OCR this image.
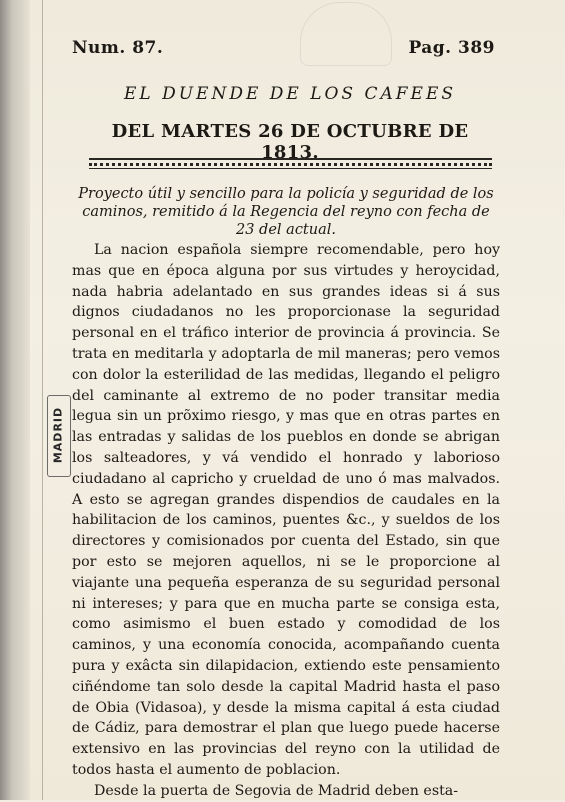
MADRID
Num. 87.	Pag. 389
EL DUENDE DE LOS CAFEES
DEL MARTES 26 DE OCTUBRE DE 1813.

Proyecto útil y sencillo para la policía y seguridad de los caminos, remitido á la Regencia del reyno con fecha de 23 del actual.

La nacion española siempre recomendable, pero hoy mas que en época alguna por sus virtudes y heroycidad, nada habria adelantado en sus grandes ideas si á sus dignos ciudadanos no les proporcionase la seguridad personal en el tráfico interior de provincia á provincia. Se trata en meditarla y adoptarla de mil maneras; pero vemos con dolor la esterilidad de las medidas, llegando el peligro del caminante al extremo de no poder transitar media legua sin un prõximo riesgo, y mas que en otras partes en las entradas y salidas de los pueblos en donde se abrigan los salteadores, y vá vendido el honrado y laborioso ciudadano al capricho y crueldad de uno ó mas malvados. A esto se agregan grandes dispendios de caudales en la habilitacion de los caminos, puentes &c., y sueldos de los directores y comisionados por cuenta del Estado, sin que por esto se mejoren aquellos, ni se le proporcione al viajante una pequeña esperanza de su seguridad personal ni intereses; y para que en mucha parte se consiga esta, como asimismo el buen estado y comodidad de los caminos, y una economía conocida, acompañando cuenta pura y exâcta sin dilapidacion, extiendo este pensamiento ciñéndome tan solo desde la capital Madrid hasta el paso de Obia (Vidasoa), y desde la misma capital á esta ciudad de Cádiz, para demostrar el plan que luego puede hacerse extensivo en las provincias del reyno con la utilidad de todos hasta el aumento de poblacion.

Desde la puerta de Segovia de Madrid deben esta-
